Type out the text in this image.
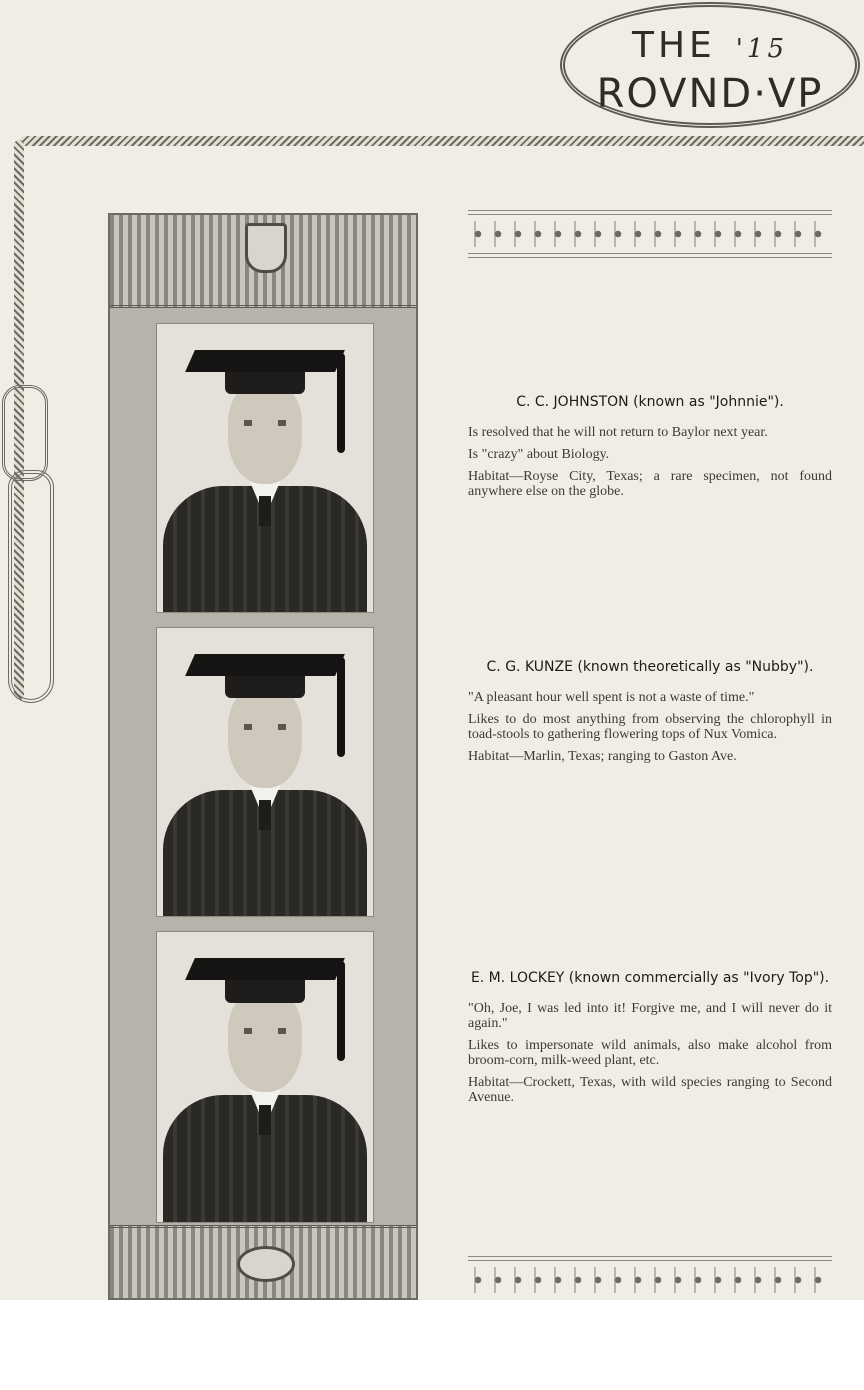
THE '15
ROVND·VP
C. C. JOHNSTON (known as "Johnnie").

Is resolved that he will not return to Baylor next year.

Is "crazy" about Biology.

Habitat—Royse City, Texas; a rare specimen, not found anywhere else on the globe.

C. G. KUNZE (known theoretically as "Nubby").

"A pleasant hour well spent is not a waste of time."

Likes to do most anything from observing the chlorophyll in toad-stools to gathering flowering tops of Nux Vomica.

Habitat—Marlin, Texas; ranging to Gaston Ave.

E. M. LOCKEY (known commercially as "Ivory Top").

"Oh, Joe, I was led into it! Forgive me, and I will never do it again."

Likes to impersonate wild animals, also make alcohol from broom-corn, milk-weed plant, etc.

Habitat—Crockett, Texas, with wild species ranging to Second Avenue.
